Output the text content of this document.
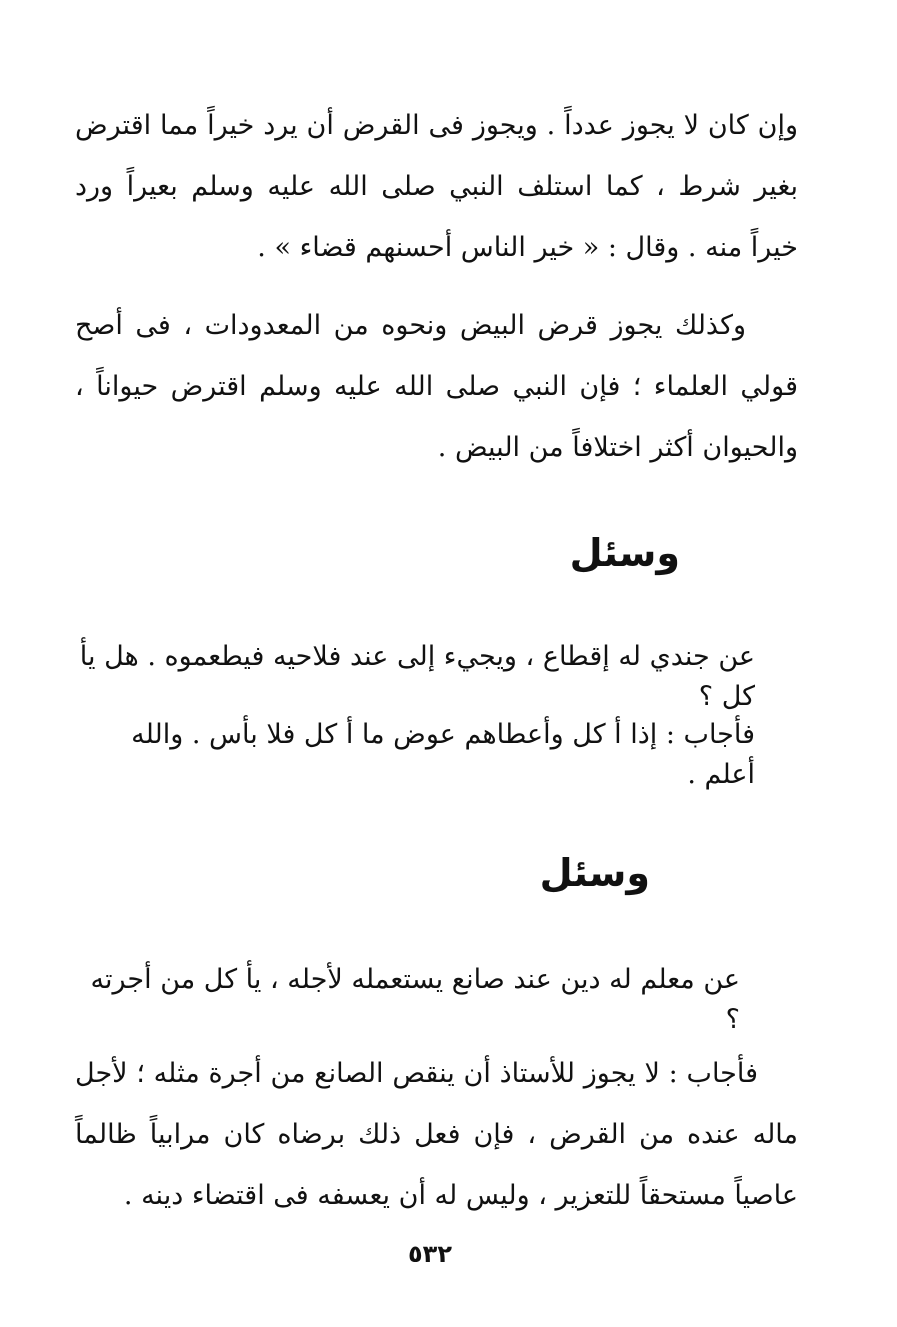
وإن كان لا يجوز عدداً . ويجوز فى القرض أن يرد خيراً مما اقترض بغير شرط ، كما استلف النبي صلى الله عليه وسلم بعيراً ورد خيراً منه . وقال : « خير الناس أحسنهم قضاء » .

وكذلك يجوز قرض البيض ونحوه من المعدودات ، فى أصح قولي العلماء ؛ فإن النبي صلى الله عليه وسلم اقترض حيواناً ، والحيوان أكثر اختلافاً من البيض .

وسئل
عن جندي له إقطاع ، ويجيء إلى عند فلاحيه فيطعموه . هل يأ كل ؟
فأجاب : إذا أ كل وأعطاهم عوض ما أ كل فلا بأس . والله أعلم .
وسئل
عن معلم له دين عند صانع يستعمله لأجله ، يأ كل من أجرته ؟

فأجاب : لا يجوز للأستاذ أن ينقص الصانع من أجرة مثله ؛ لأجل ماله عنده من القرض ، فإن فعل ذلك برضاه كان مرابياً ظالماً عاصياً مستحقاً للتعزير ، وليس له أن يعسفه فى اقتضاء دينه .

٥٣٢
